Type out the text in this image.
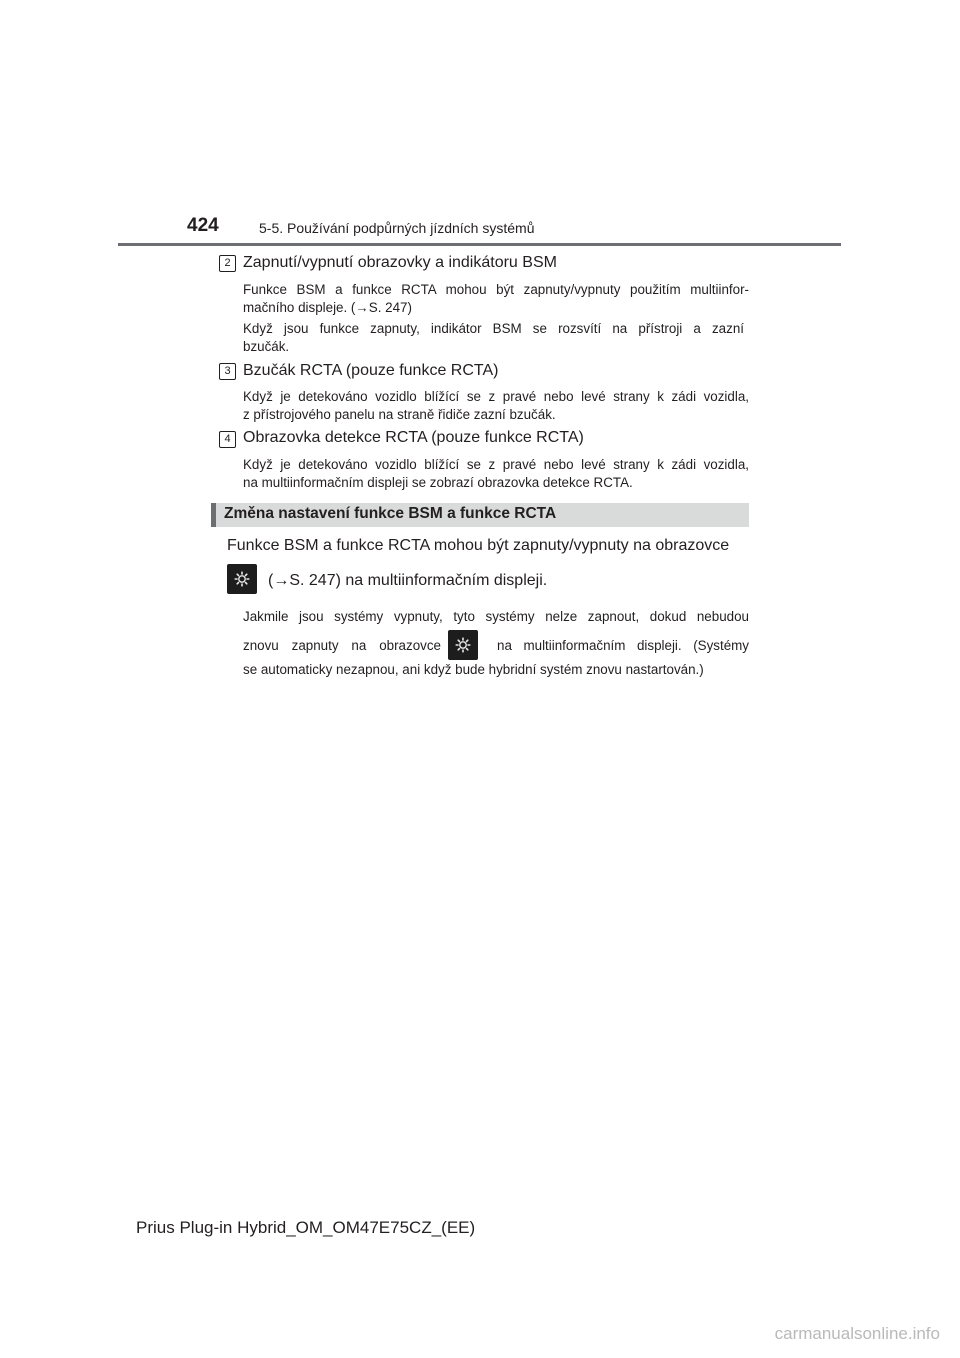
424	5-5. Používání podpůrných jízdních systémů
2 Zapnutí/vypnutí obrazovky a indikátoru BSM
Funkce BSM a funkce RCTA mohou být zapnuty/vypnuty použitím multiinfor-
mačního displeje. (→S. 247)
Když jsou funkce zapnuty, indikátor BSM se rozsvítí na přístroji a zazní
bzučák.
3 Bzučák RCTA (pouze funkce RCTA)
Když je detekováno vozidlo blížící se z pravé nebo levé strany k zádi vozidla,
z přístrojového panelu na straně řidiče zazní bzučák.
4 Obrazovka detekce RCTA (pouze funkce RCTA)
Když je detekováno vozidlo blížící se z pravé nebo levé strany k zádi vozidla,
na multiinformačním displeji se zobrazí obrazovka detekce RCTA.
Změna nastavení funkce BSM a funkce RCTA
Funkce BSM a funkce RCTA mohou být zapnuty/vypnuty na obrazovce
(→S. 247) na multiinformačním displeji.
Jakmile jsou systémy vypnuty, tyto systémy nelze zapnout, dokud nebudou
znovu zapnuty na obrazovce	na multiinformačním displeji. (Systémy
se automaticky nezapnou, ani když bude hybridní systém znovu nastartován.)
Prius Plug-in Hybrid_OM_OM47E75CZ_(EE)
carmanualsonline.info
